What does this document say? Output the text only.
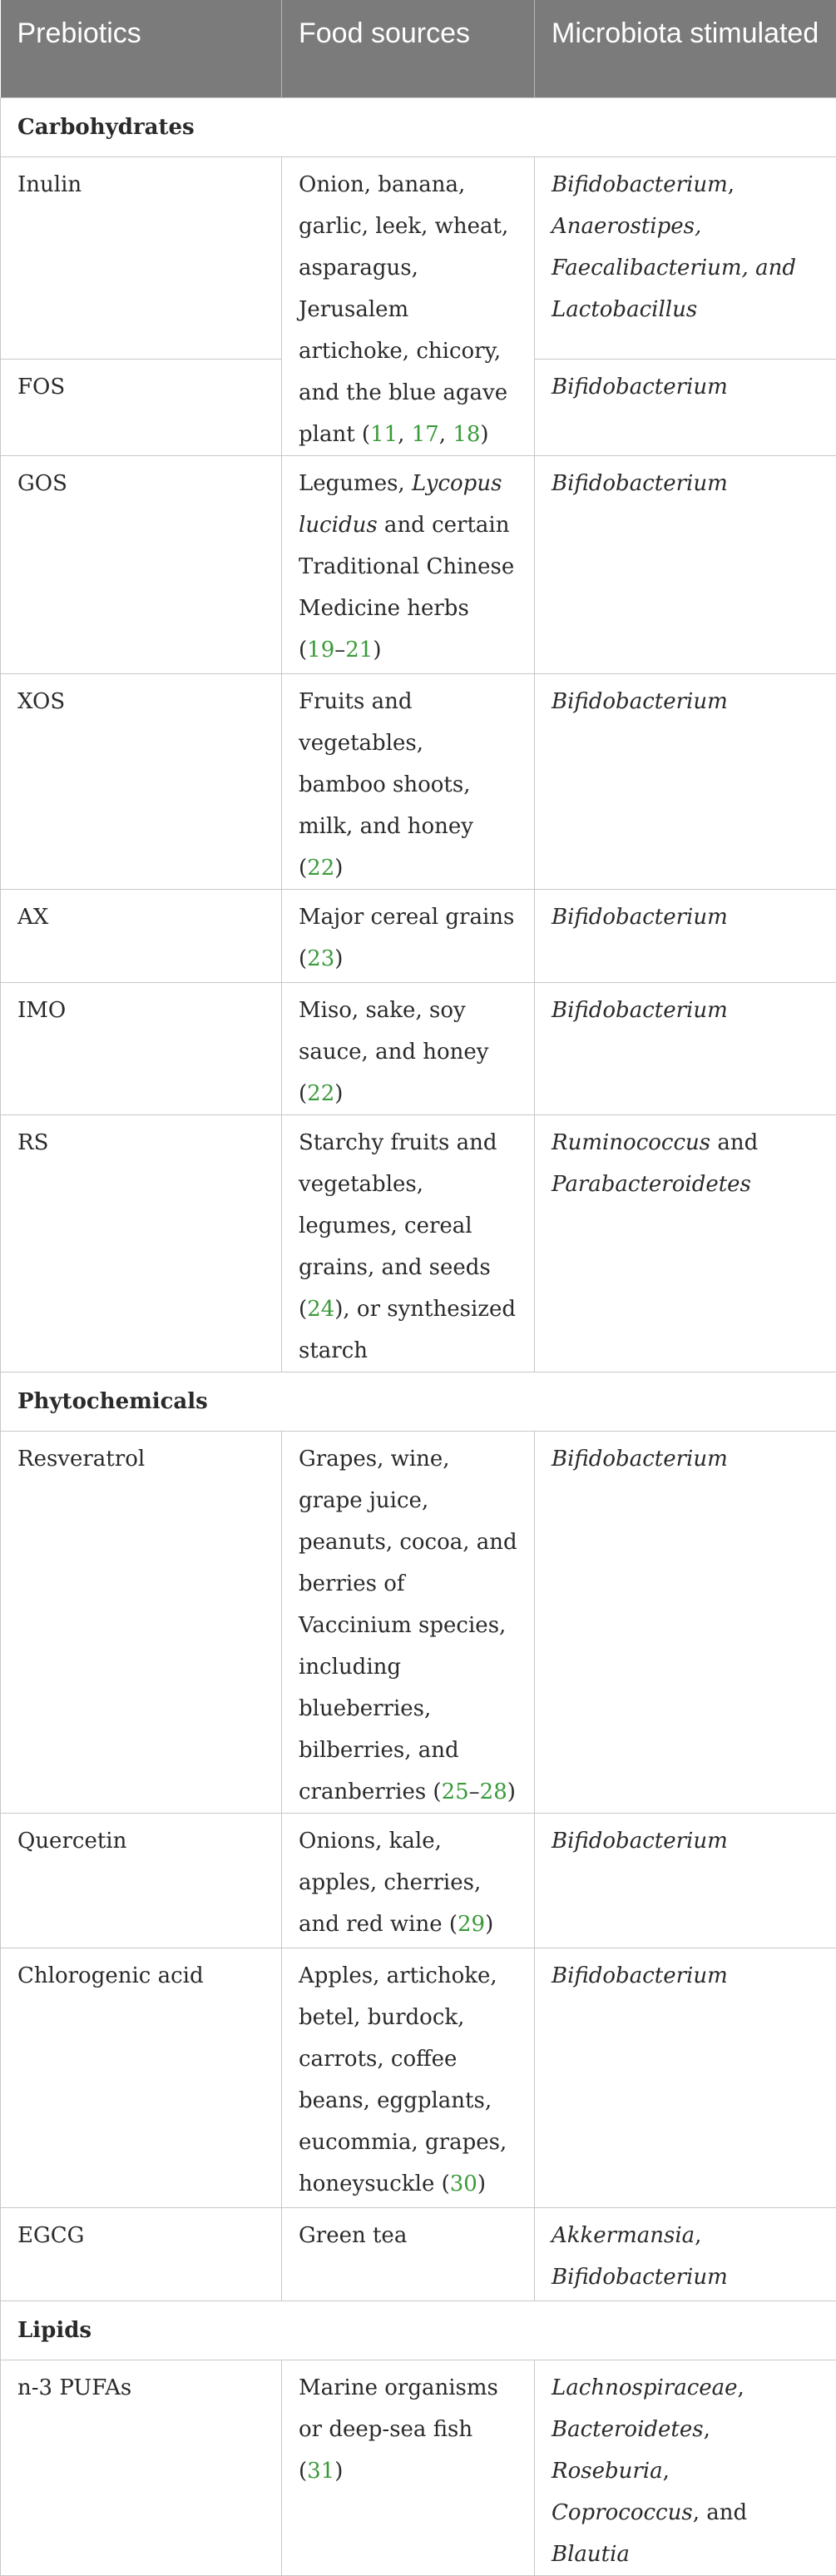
Prebiotics	Food sources	Microbiota stimulated
Carbohydrates		
Inulin	Onion, banana, garlic, leek, wheat, asparagus, Jerusalem artichoke, chicory, and the blue agave plant (11, 17, 18)	Bifidobacterium, Anaerostipes, Faecalibacterium, and Lactobacillus
FOS		Bifidobacterium
GOS	Legumes, Lycopus lucidus and certain Traditional Chinese Medicine herbs (19–21)	Bifidobacterium
XOS	Fruits and vegetables, bamboo shoots, milk, and honey (22)	Bifidobacterium
AX	Major cereal grains (23)	Bifidobacterium
IMO	Miso, sake, soy sauce, and honey (22)	Bifidobacterium
RS	Starchy fruits and vegetables, legumes, cereal grains, and seeds (24), or synthesized starch	Ruminococcus and Parabacteroidetes
Phytochemicals		
Resveratrol	Grapes, wine, grape juice, peanuts, cocoa, and berries of Vaccinium species, including blueberries, bilberries, and cranberries (25–28)	Bifidobacterium
Quercetin	Onions, kale, apples, cherries, and red wine (29)	Bifidobacterium
Chlorogenic acid	Apples, artichoke, betel, burdock, carrots, coffee beans, eggplants, eucommia, grapes, honeysuckle (30)	Bifidobacterium
EGCG	Green tea	Akkermansia, Bifidobacterium
Lipids		
n-3 PUFAs	Marine organisms or deep-sea fish (31)	Lachnospiraceae, Bacteroidetes, Roseburia, Coprococcus, and Blautia
